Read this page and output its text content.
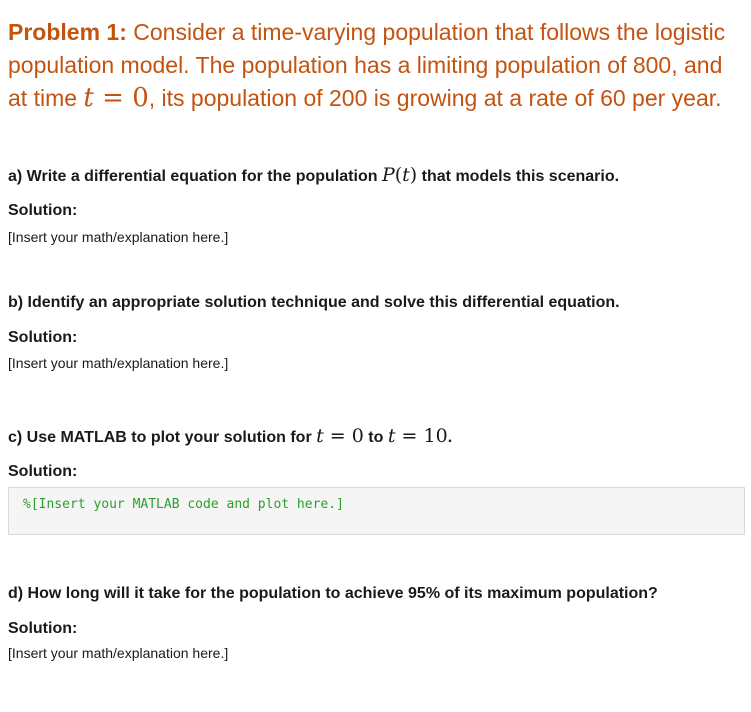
Problem 1: Consider a time-varying population that follows the logistic population model. The population has a limiting population of 800, and at time t = 0, its population of 200 is growing at a rate of 60 per year.
a) Write a differential equation for the population P(t) that models this scenario.
Solution:
[Insert your math/explanation here.]
b) Identify an appropriate solution technique and solve this differential equation.
Solution:
[Insert your math/explanation here.]
c) Use MATLAB to plot your solution for t = 0 to t = 10.
Solution:
%[Insert your MATLAB code and plot here.]
d) How long will it take for the population to achieve 95% of its maximum population?
Solution:
[Insert your math/explanation here.]
